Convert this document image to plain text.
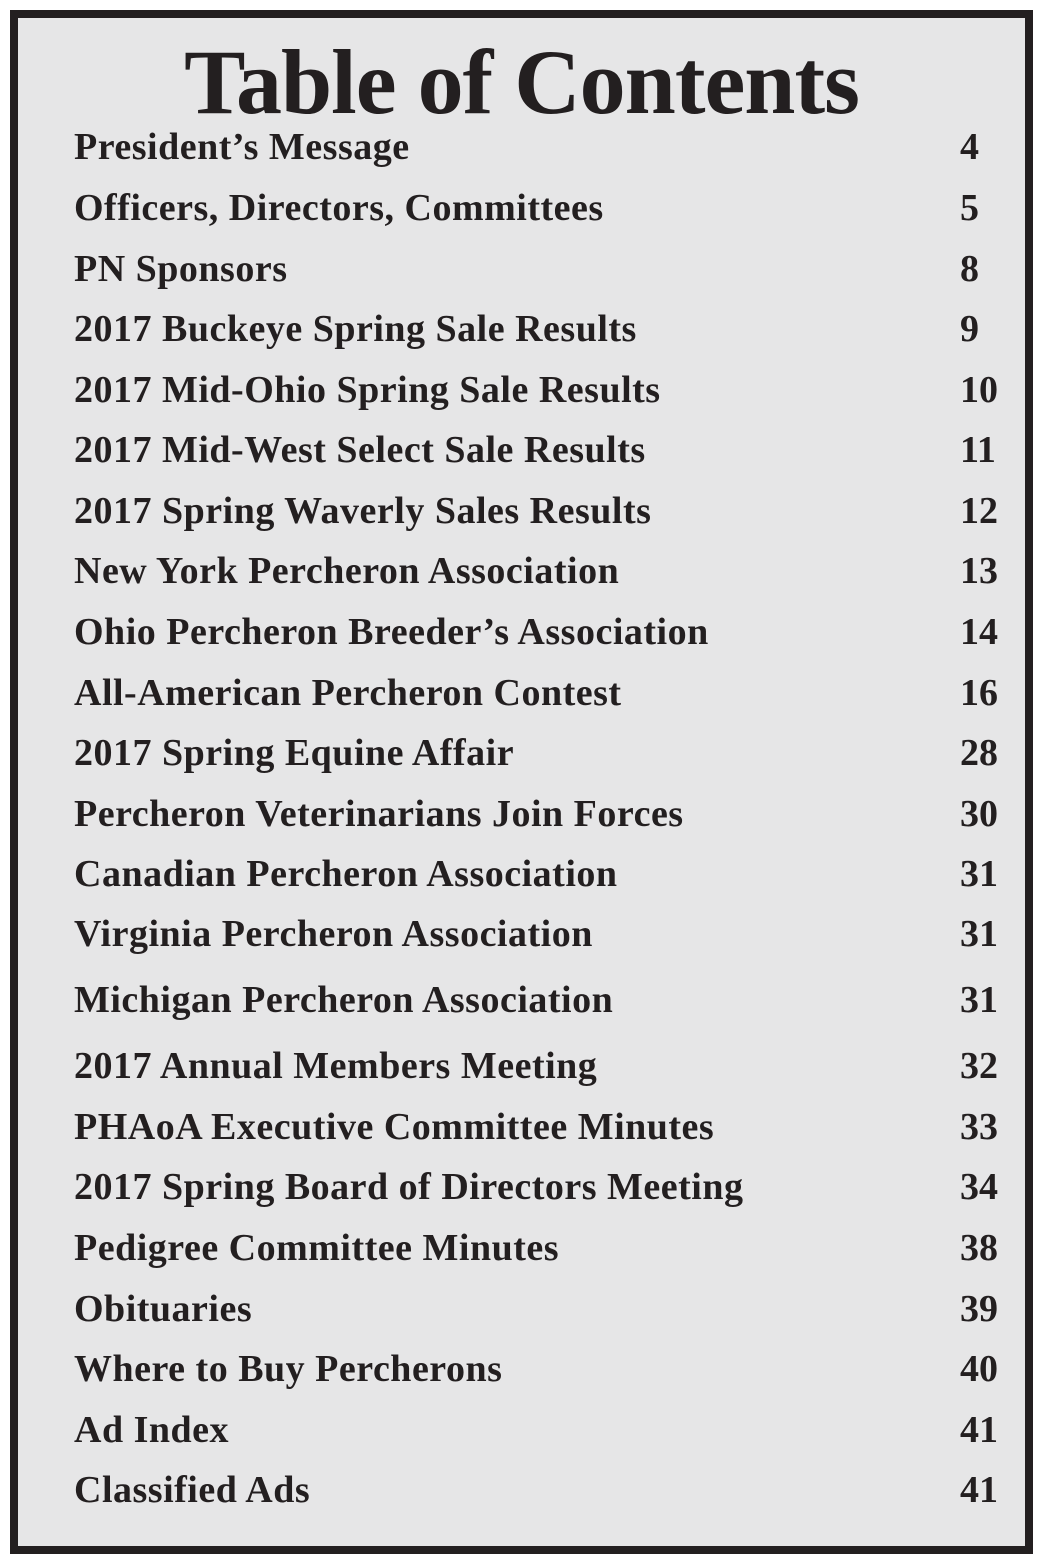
Table of Contents
President’s Message	4
Officers, Directors, Committees	5
PN Sponsors	8
2017 Buckeye Spring Sale Results	9
2017 Mid-Ohio Spring Sale Results	10
2017 Mid-West Select Sale Results	11
2017 Spring Waverly Sales Results	12
New York Percheron Association	13
Ohio Percheron Breeder’s Association	14
All-American Percheron Contest	16
2017 Spring Equine Affair	28
Percheron Veterinarians Join Forces	30
Canadian Percheron Association	31
Virginia Percheron Association	31
Michigan Percheron Association	31
2017 Annual Members Meeting	32
PHAoA Executive Committee Minutes	33
2017 Spring Board of Directors Meeting	34
Pedigree Committee Minutes	38
Obituaries	39
Where to Buy Percherons	40
Ad Index	41
Classified Ads	41
